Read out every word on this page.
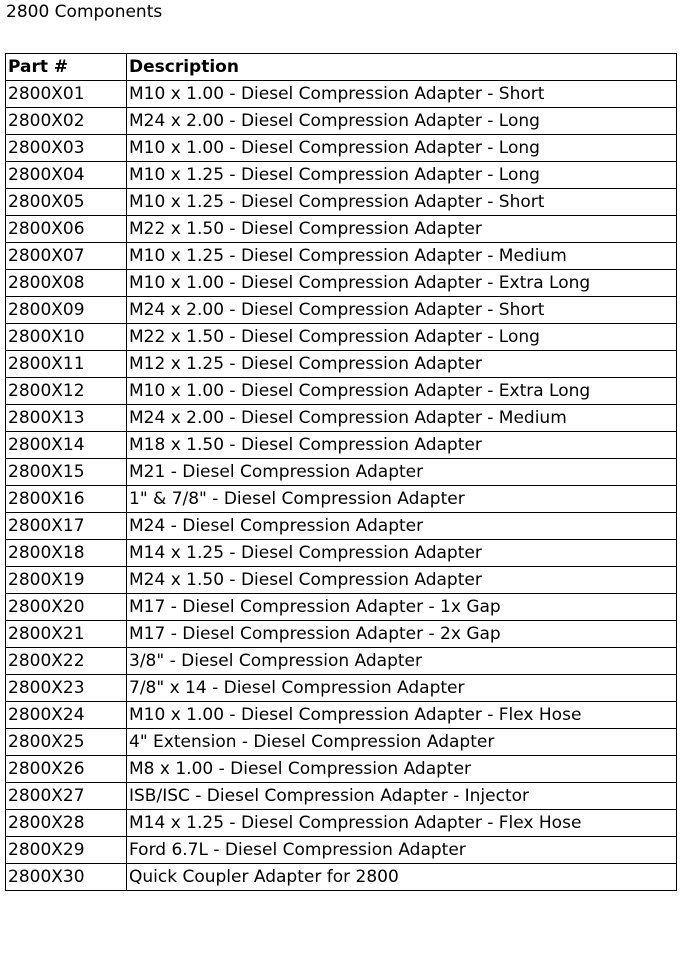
2800 Components
Part #	Description
2800X01	M10 x 1.00 - Diesel Compression Adapter - Short
2800X02	M24 x 2.00 - Diesel Compression Adapter - Long
2800X03	M10 x 1.00 - Diesel Compression Adapter - Long
2800X04	M10 x 1.25 - Diesel Compression Adapter - Long
2800X05	M10 x 1.25 - Diesel Compression Adapter - Short
2800X06	M22 x 1.50 - Diesel Compression Adapter
2800X07	M10 x 1.25 - Diesel Compression Adapter - Medium
2800X08	M10 x 1.00 - Diesel Compression Adapter - Extra Long
2800X09	M24 x 2.00 - Diesel Compression Adapter - Short
2800X10	M22 x 1.50 - Diesel Compression Adapter - Long
2800X11	M12 x 1.25 - Diesel Compression Adapter
2800X12	M10 x 1.00 - Diesel Compression Adapter - Extra Long
2800X13	M24 x 2.00 - Diesel Compression Adapter - Medium
2800X14	M18 x 1.50 - Diesel Compression Adapter
2800X15	M21 - Diesel Compression Adapter
2800X16	1" & 7/8" - Diesel Compression Adapter
2800X17	M24 - Diesel Compression Adapter
2800X18	M14 x 1.25 - Diesel Compression Adapter
2800X19	M24 x 1.50 - Diesel Compression Adapter
2800X20	M17 - Diesel Compression Adapter - 1x Gap
2800X21	M17 - Diesel Compression Adapter - 2x Gap
2800X22	3/8" - Diesel Compression Adapter
2800X23	7/8" x 14 - Diesel Compression Adapter
2800X24	M10 x 1.00 - Diesel Compression Adapter - Flex Hose
2800X25	4" Extension - Diesel Compression Adapter
2800X26	M8 x 1.00 - Diesel Compression Adapter
2800X27	ISB/ISC - Diesel Compression Adapter - Injector
2800X28	M14 x 1.25 - Diesel Compression Adapter - Flex Hose
2800X29	Ford 6.7L - Diesel Compression Adapter
2800X30	Quick Coupler Adapter for 2800
